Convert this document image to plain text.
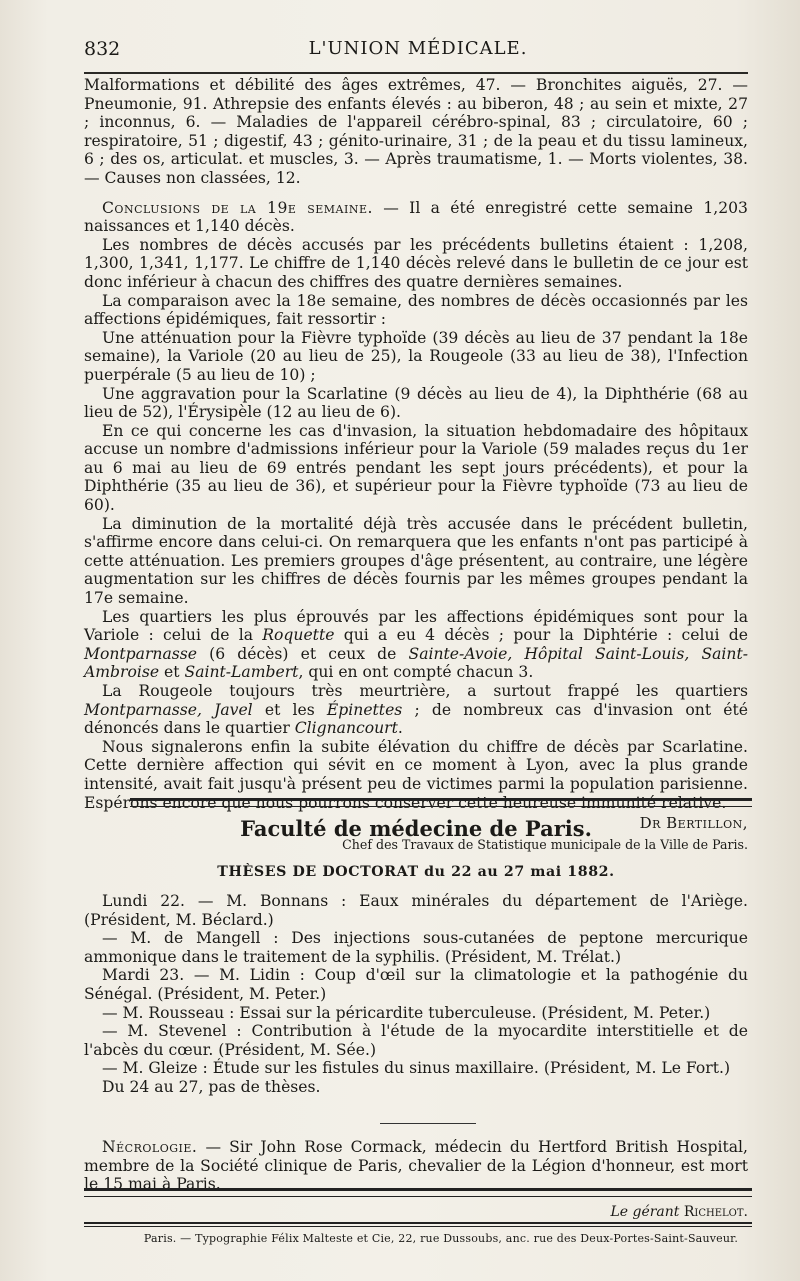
832	L'UNION MÉDICALE.

Malformations et débilité des âges extrêmes, 47. — Bronchites aiguës, 27. — Pneumonie, 91. Athrepsie des enfants élevés : au biberon, 48 ; au sein et mixte, 27 ; inconnus, 6. — Maladies de l'appareil cérébro-spinal, 83 ; circulatoire, 60 ; respiratoire, 51 ; digestif, 43 ; génito-urinaire, 31 ; de la peau et du tissu lamineux, 6 ; des os, articulat. et muscles, 3. — Après traumatisme, 1. — Morts violentes, 38. — Causes non classées, 12.

Conclusions de la 19e semaine. — Il a été enregistré cette semaine 1,203 naissances et 1,140 décès.

Les nombres de décès accusés par les précédents bulletins étaient : 1,208, 1,300, 1,341, 1,177. Le chiffre de 1,140 décès relevé dans le bulletin de ce jour est donc inférieur à chacun des chiffres des quatre dernières semaines.

La comparaison avec la 18e semaine, des nombres de décès occasionnés par les affections épidémiques, fait ressortir :

Une atténuation pour la Fièvre typhoïde (39 décès au lieu de 37 pendant la 18e semaine), la Variole (20 au lieu de 25), la Rougeole (33 au lieu de 38), l'Infection puerpérale (5 au lieu de 10) ;

Une aggravation pour la Scarlatine (9 décès au lieu de 4), la Diphthérie (68 au lieu de 52), l'Érysipèle (12 au lieu de 6).

En ce qui concerne les cas d'invasion, la situation hebdomadaire des hôpitaux accuse un nombre d'admissions inférieur pour la Variole (59 malades reçus du 1er au 6 mai au lieu de 69 entrés pendant les sept jours précédents), et pour la Diphthérie (35 au lieu de 36), et supérieur pour la Fièvre typhoïde (73 au lieu de 60).

La diminution de la mortalité déjà très accusée dans le précédent bulletin, s'affirme encore dans celui-ci. On remarquera que les enfants n'ont pas participé à cette atténuation. Les premiers groupes d'âge présentent, au contraire, une légère augmentation sur les chiffres de décès fournis par les mêmes groupes pendant la 17e semaine.

Les quartiers les plus éprouvés par les affections épidémiques sont pour la Variole : celui de la Roquette qui a eu 4 décès ; pour la Diphtérie : celui de Montparnasse (6 décès) et ceux de Sainte-Avoie, Hôpital Saint-Louis, Saint-Ambroise et Saint-Lambert, qui en ont compté chacun 3.

La Rougeole toujours très meurtrière, a surtout frappé les quartiers Montparnasse, Javel et les Épinettes ; de nombreux cas d'invasion ont été dénoncés dans le quartier Clignancourt.

Nous signalerons enfin la subite élévation du chiffre de décès par Scarlatine. Cette dernière affection qui sévit en ce moment à Lyon, avec la plus grande intensité, avait fait jusqu'à présent peu de victimes parmi la population parisienne. Espérons encore que nous pourrons conserver cette heureuse immunité relative.

Dr Bertillon,
Chef des Travaux de Statistique municipale de la Ville de Paris.
Faculté de médecine de Paris.
THÈSES DE DOCTORAT du 22 au 27 mai 1882.

Lundi 22. — M. Bonnans : Eaux minérales du département de l'Ariège. (Président, M. Béclard.)

— M. de Mangell : Des injections sous-cutanées de peptone mercurique ammonique dans le traitement de la syphilis. (Président, M. Trélat.)

Mardi 23. — M. Lidin : Coup d'œil sur la climatologie et la pathogénie du Sénégal. (Président, M. Peter.)

— M. Rousseau : Essai sur la péricardite tuberculeuse. (Président, M. Peter.)

— M. Stevenel : Contribution à l'étude de la myocardite interstitielle et de l'abcès du cœur. (Président, M. Sée.)

— M. Gleize : Étude sur les fistules du sinus maxillaire. (Président, M. Le Fort.)

Du 24 au 27, pas de thèses.

Nécrologie. — Sir John Rose Cormack, médecin du Hertford British Hospital, membre de la Société clinique de Paris, chevalier de la Légion d'honneur, est mort le 15 mai à Paris.

Le gérant Richelot.
Paris. — Typographie Félix Malteste et Cie, 22, rue Dussoubs, anc. rue des Deux-Portes-Saint-Sauveur.
